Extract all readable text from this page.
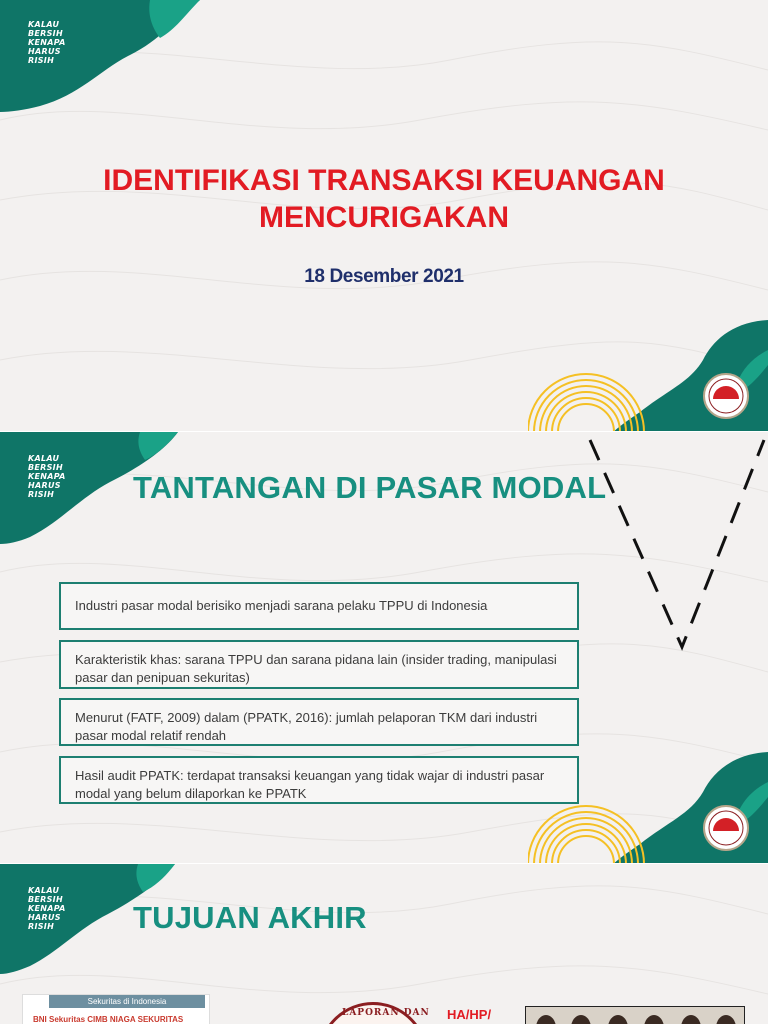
KALAU
BERSIH
KENAPA
HARUS
RISIH
IDENTIFIKASI TRANSAKSI KEUANGAN
MENCURIGAKAN
18 Desember 2021
KALAU
BERSIH
KENAPA
HARUS
RISIH	TANTANGAN DI PASAR MODAL
Industri pasar modal berisiko menjadi sarana pelaku TPPU di Indonesia
Karakteristik khas: sarana TPPU dan sarana pidana lain (insider trading, manipulasi pasar dan penipuan sekuritas)
Menurut (FATF, 2009) dalam (PPATK, 2016): jumlah pelaporan TKM dari industri pasar modal relatif rendah
Hasil audit PPATK: terdapat transaksi keuangan yang tidak wajar di industri pasar modal yang belum dilaporkan ke PPATK
KALAU
BERSIH
KENAPA
HARUS
RISIH	TUJUAN AKHIR
Sekuritas di Indonesia
BNI Sekuritas CIMB NIAGA SEKURITAS
LAPORAN DAN HA/HP/
